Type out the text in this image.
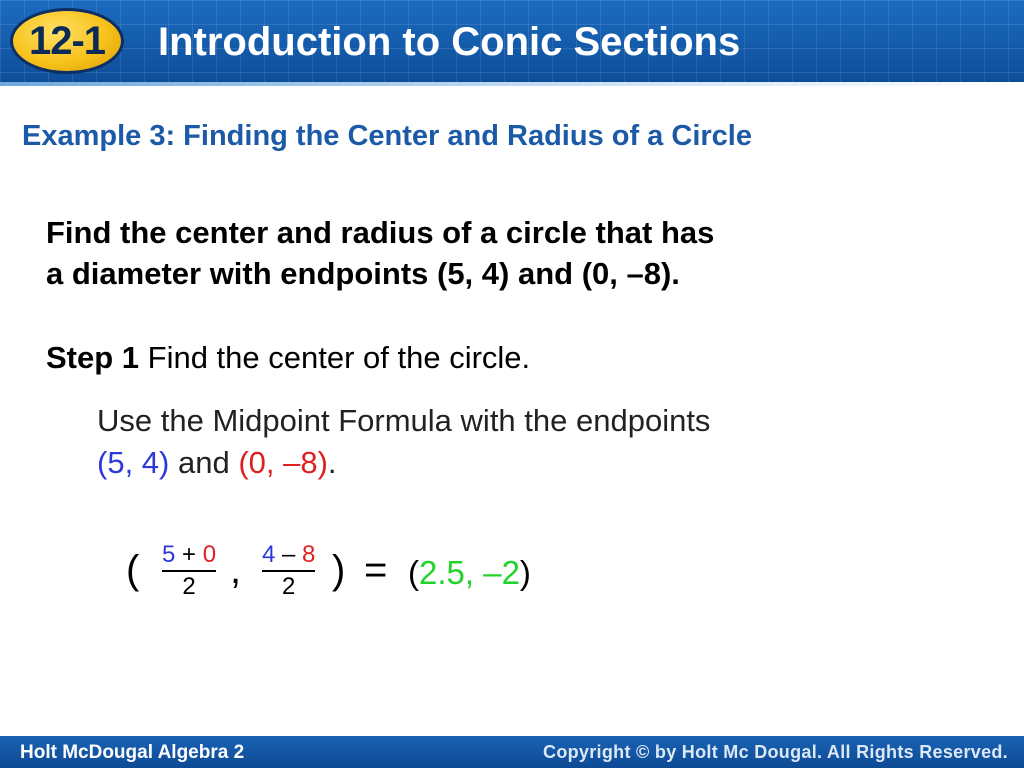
12-1 Introduction to Conic Sections
Example 3: Finding the Center and Radius of a Circle
Find the center and radius of a circle that has
a diameter with endpoints (5, 4) and (0, –8).
Step 1 Find the center of the circle.
Use the Midpoint Formula with the endpoints
(5, 4) and (0, –8).
( 5 + 0
2 , 4 – 8
2 ) = (2.5, –2)
Holt McDougal Algebra 2	Copyright © by Holt Mc Dougal. All Rights Reserved.
